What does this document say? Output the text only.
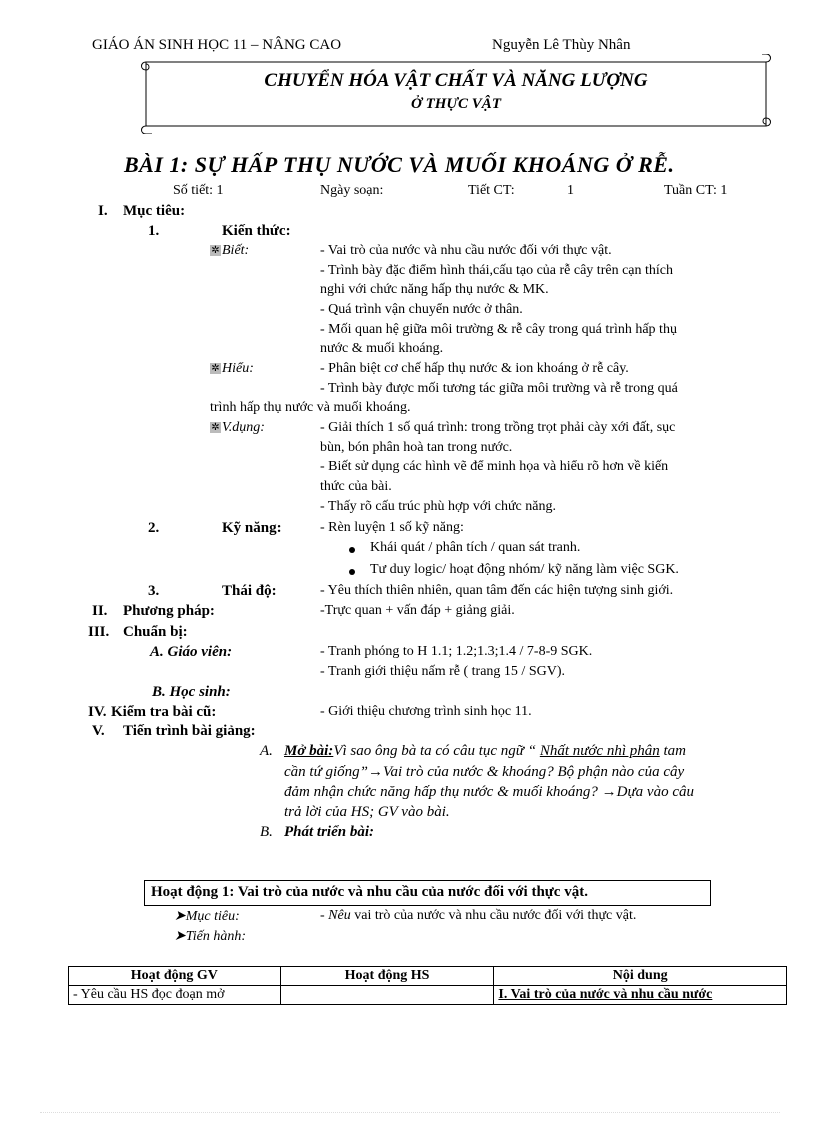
GIÁO ÁN SINH HỌC 11 – NÂNG CAO	Nguyễn Lê Thùy Nhân
CHUYỂN HÓA VẬT CHẤT VÀ NĂNG LƯỢNG
Ở THỰC VẬT
BÀI 1: SỰ HẤP THỤ NƯỚC VÀ MUỐI KHOÁNG Ở RỄ.
Số tiết: 1	Ngày soạn:	Tiết CT:	1	Tuần CT: 1
I. Mục tiêu:
1.	Kiến thức:
✲ Biết:	- Vai trò của nước và nhu cầu nước đối với thực vật.
- Trình bày đặc điểm hình thái,cấu tạo của rễ cây trên cạn thích
nghi với chức năng hấp thụ nước & MK.
- Quá trình vận chuyển nước ở thân.
- Mối quan hệ giữa môi trường & rễ cây trong quá trình hấp thụ
nước & muối khoáng.
✲ Hiểu:	- Phân biệt cơ chế hấp thụ nước & ion khoáng ở rễ cây.
- Trình bày được mối tương tác giữa môi trường và rễ trong quá
trình hấp thụ nước và muối khoáng.
✲ V.dụng:	- Giải thích 1 số quá trình: trong trồng trọt phải cày xới đất, sục
bùn, bón phân hoà tan trong nước.
- Biết sử dụng các hình vẽ để minh họa và hiểu rõ hơn về kiến
thức của bài.
- Thấy rõ cấu trúc phù hợp với chức năng.
2.	Kỹ năng:	- Rèn luyện 1 số kỹ năng:
Khái quát / phân tích / quan sát tranh.
Tư duy logic/ hoạt động nhóm/ kỹ năng làm việc SGK.
3.	Thái độ:	- Yêu thích thiên nhiên, quan tâm đến các hiện tượng sinh giới.
II. Phương pháp:	-Trực quan + vấn đáp + giảng giải.
III. Chuẩn bị:
A. Giáo viên:	- Tranh phóng to H 1.1; 1.2;1.3;1.4 / 7-8-9 SGK.
- Tranh giới thiệu nấm rễ ( trang 15 / SGV).
B. Học sinh:
IV. Kiểm tra bài cũ:	- Giới thiệu chương trình sinh học 11.
V. Tiến trình bài giảng:
A. Mở bài:Vì sao ông bà ta có câu tục ngữ “ Nhất nước nhì phân tam
cần tứ giống”→Vai trò của nước & khoáng? Bộ phận nào của cây
đảm nhận chức năng hấp thụ nước & muối khoáng? →Dựa vào câu
trả lời của HS; GV vào bài.
B. Phát triển bài:
Hoạt động 1: Vai trò của nước và nhu cầu của nước đối với thực vật.
➤Mục tiêu:	- Nêu vai trò của nước và nhu cầu nước đối với thực vật.
➤Tiến hành:
Hoạt động GV	Hoạt động HS	Nội dung
- Yêu cầu HS đọc đoạn mở		I. Vai trò của nước và nhu cầu nước
